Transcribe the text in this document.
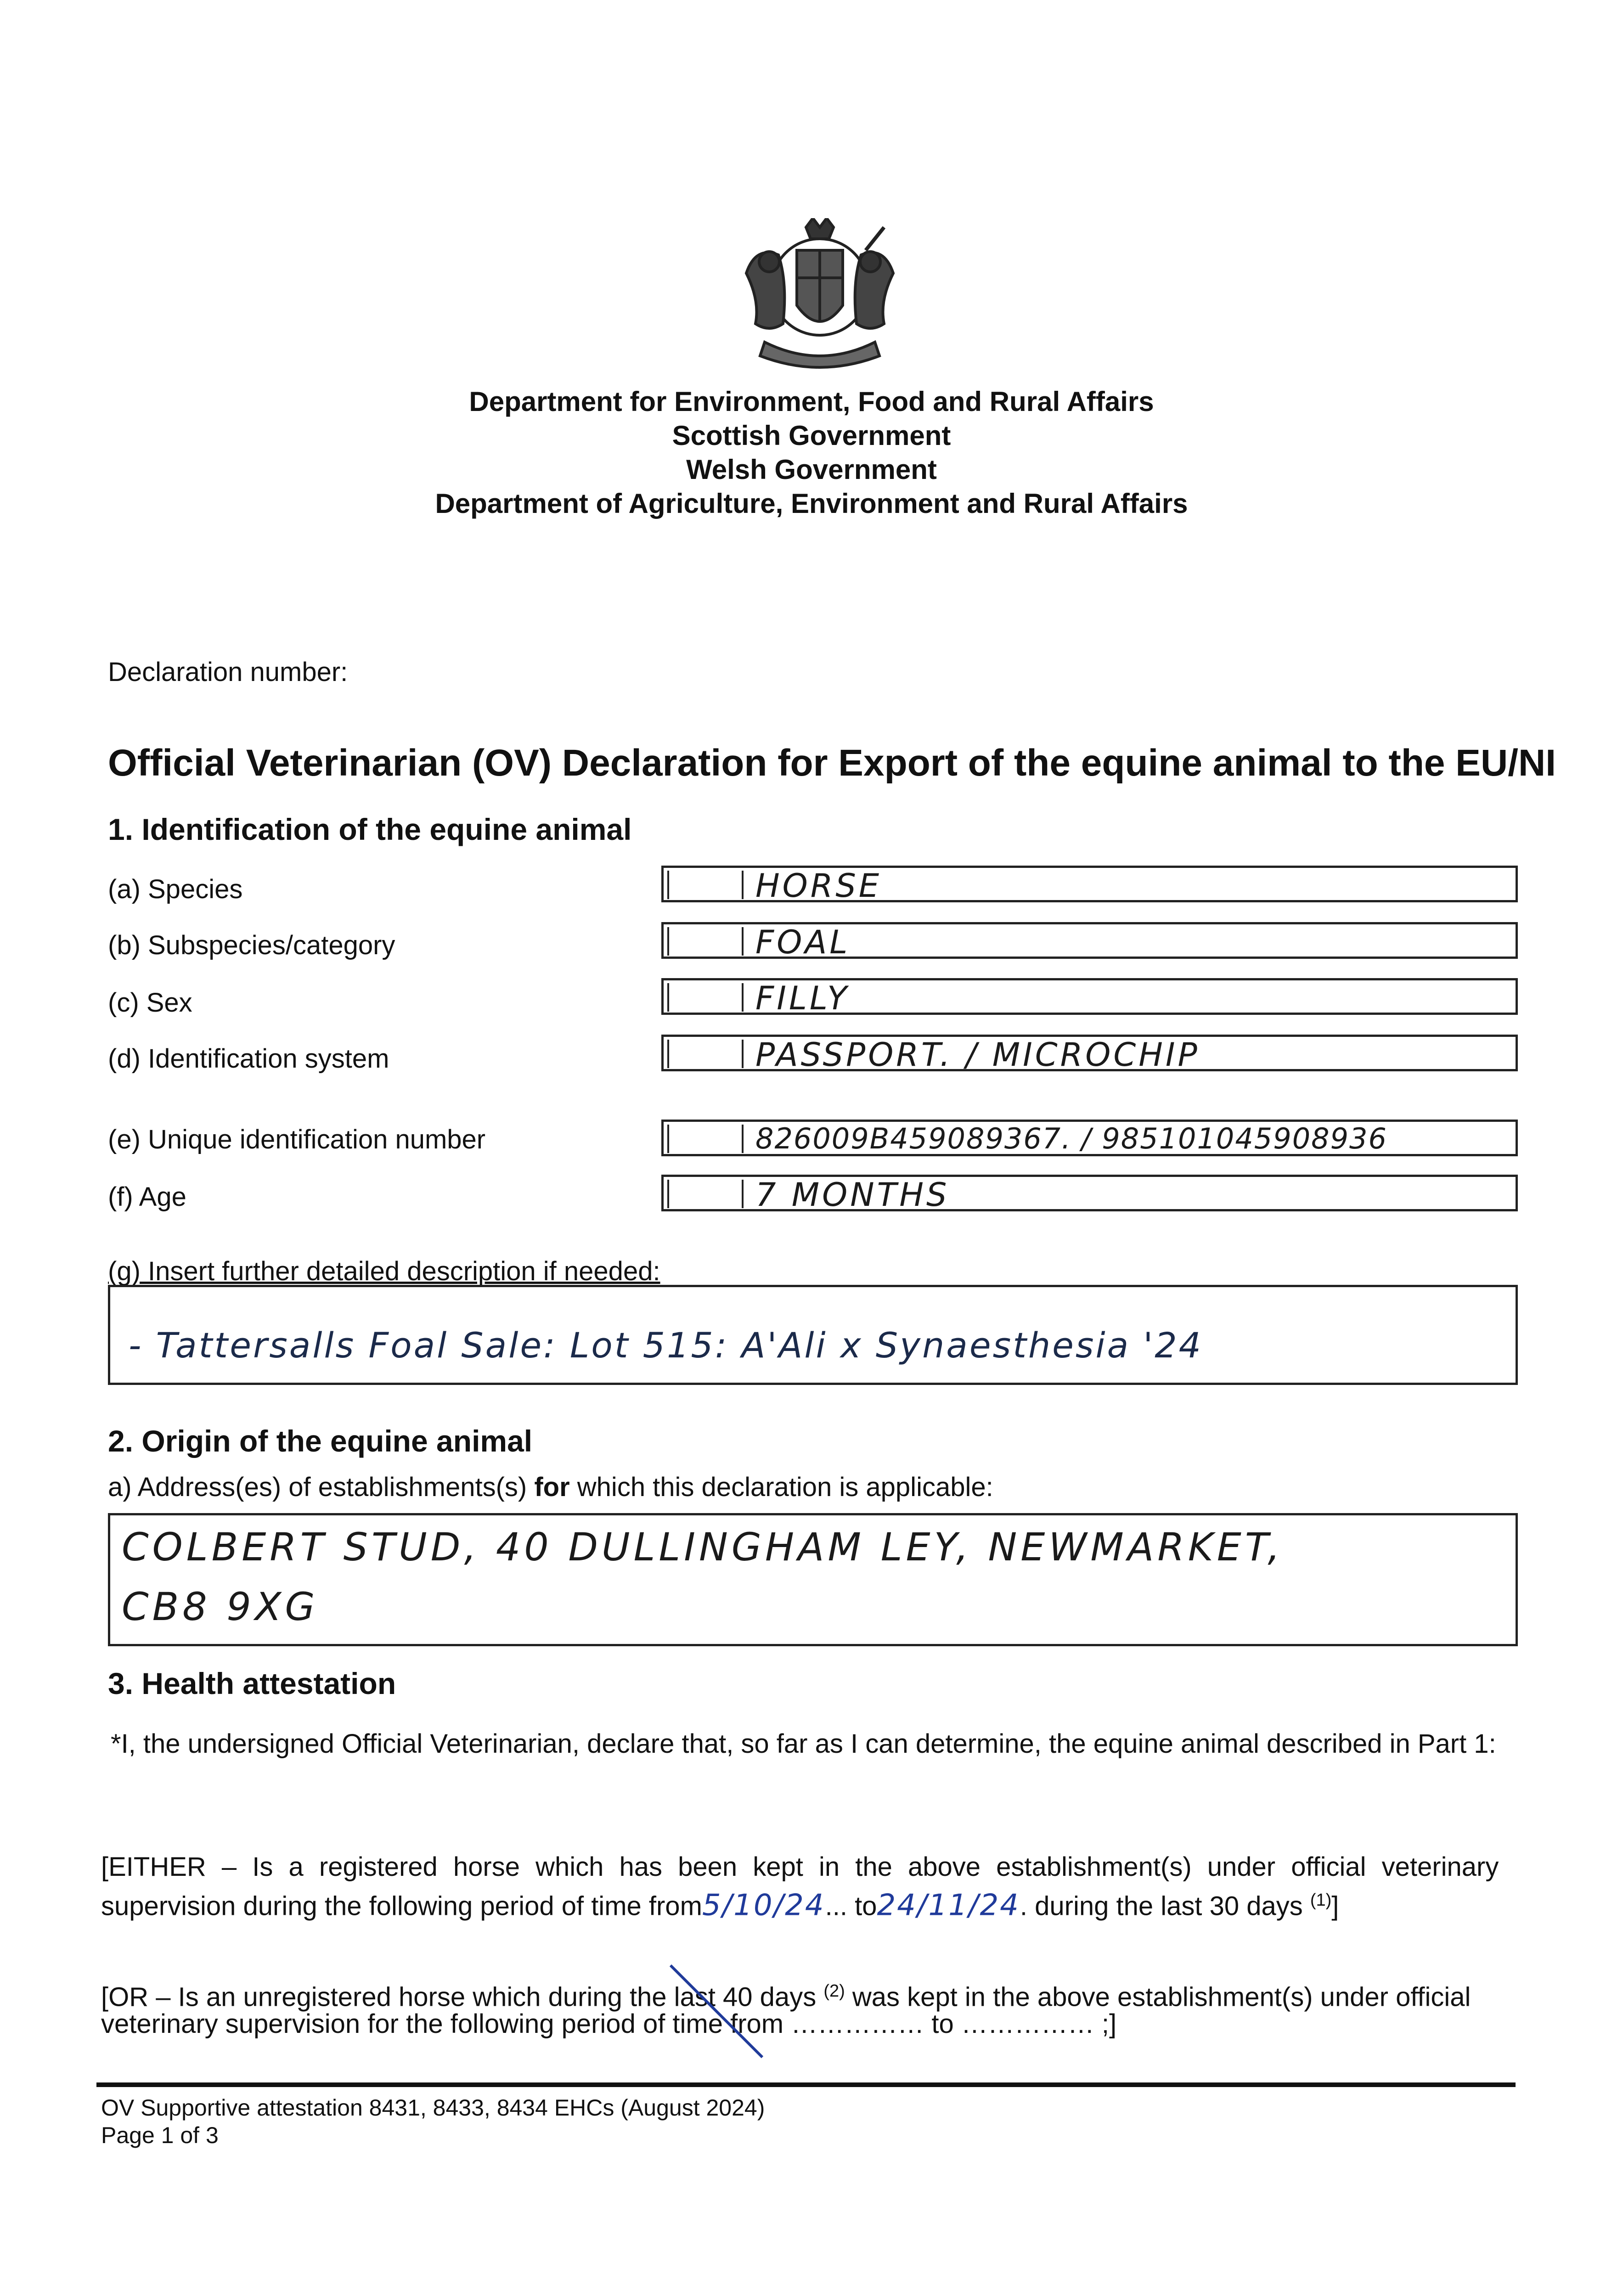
Department for Environment, Food and Rural Affairs
Scottish Government
Welsh Government
Department of Agriculture, Environment and Rural Affairs
Declaration number:
Official Veterinarian (OV) Declaration for Export of the equine animal to the EU/NI
1. Identification of the equine animal
(a) Species	HORSE
(b) Subspecies/category	FOAL
(c) Sex	FILLY
(d) Identification system	PASSPORT. / MICROCHIP
(e) Unique identification number	826009B459089367. / 985101045908936
(f) Age	7 MONTHS
(g) Insert further detailed description if needed:
- Tattersalls Foal Sale: Lot 515: A'Ali x Synaesthesia '24
2. Origin of the equine animal
a) Address(es) of establishments(s) for which this declaration is applicable:
COLBERT STUD, 40 DULLINGHAM LEY, NEWMARKET,
CB8 9XG
3. Health attestation
*I, the undersigned Official Veterinarian, declare that, so far as I can determine, the equine animal described in Part 1:
[EITHER – Is a registered horse which has been kept in the above establishment(s) under official veterinary
supervision during the following period of time from5/10/24... to24/11/24. during the last 30 days $^{(1)}$]
[OR – Is an unregistered horse which during the last 40 days $^{(2)}$ was kept in the above establishment(s) under official
veterinary supervision for the following period of time from …………… to …………… ;]
OV Supportive attestation 8431, 8433, 8434 EHCs (August 2024)
Page 1 of 3
